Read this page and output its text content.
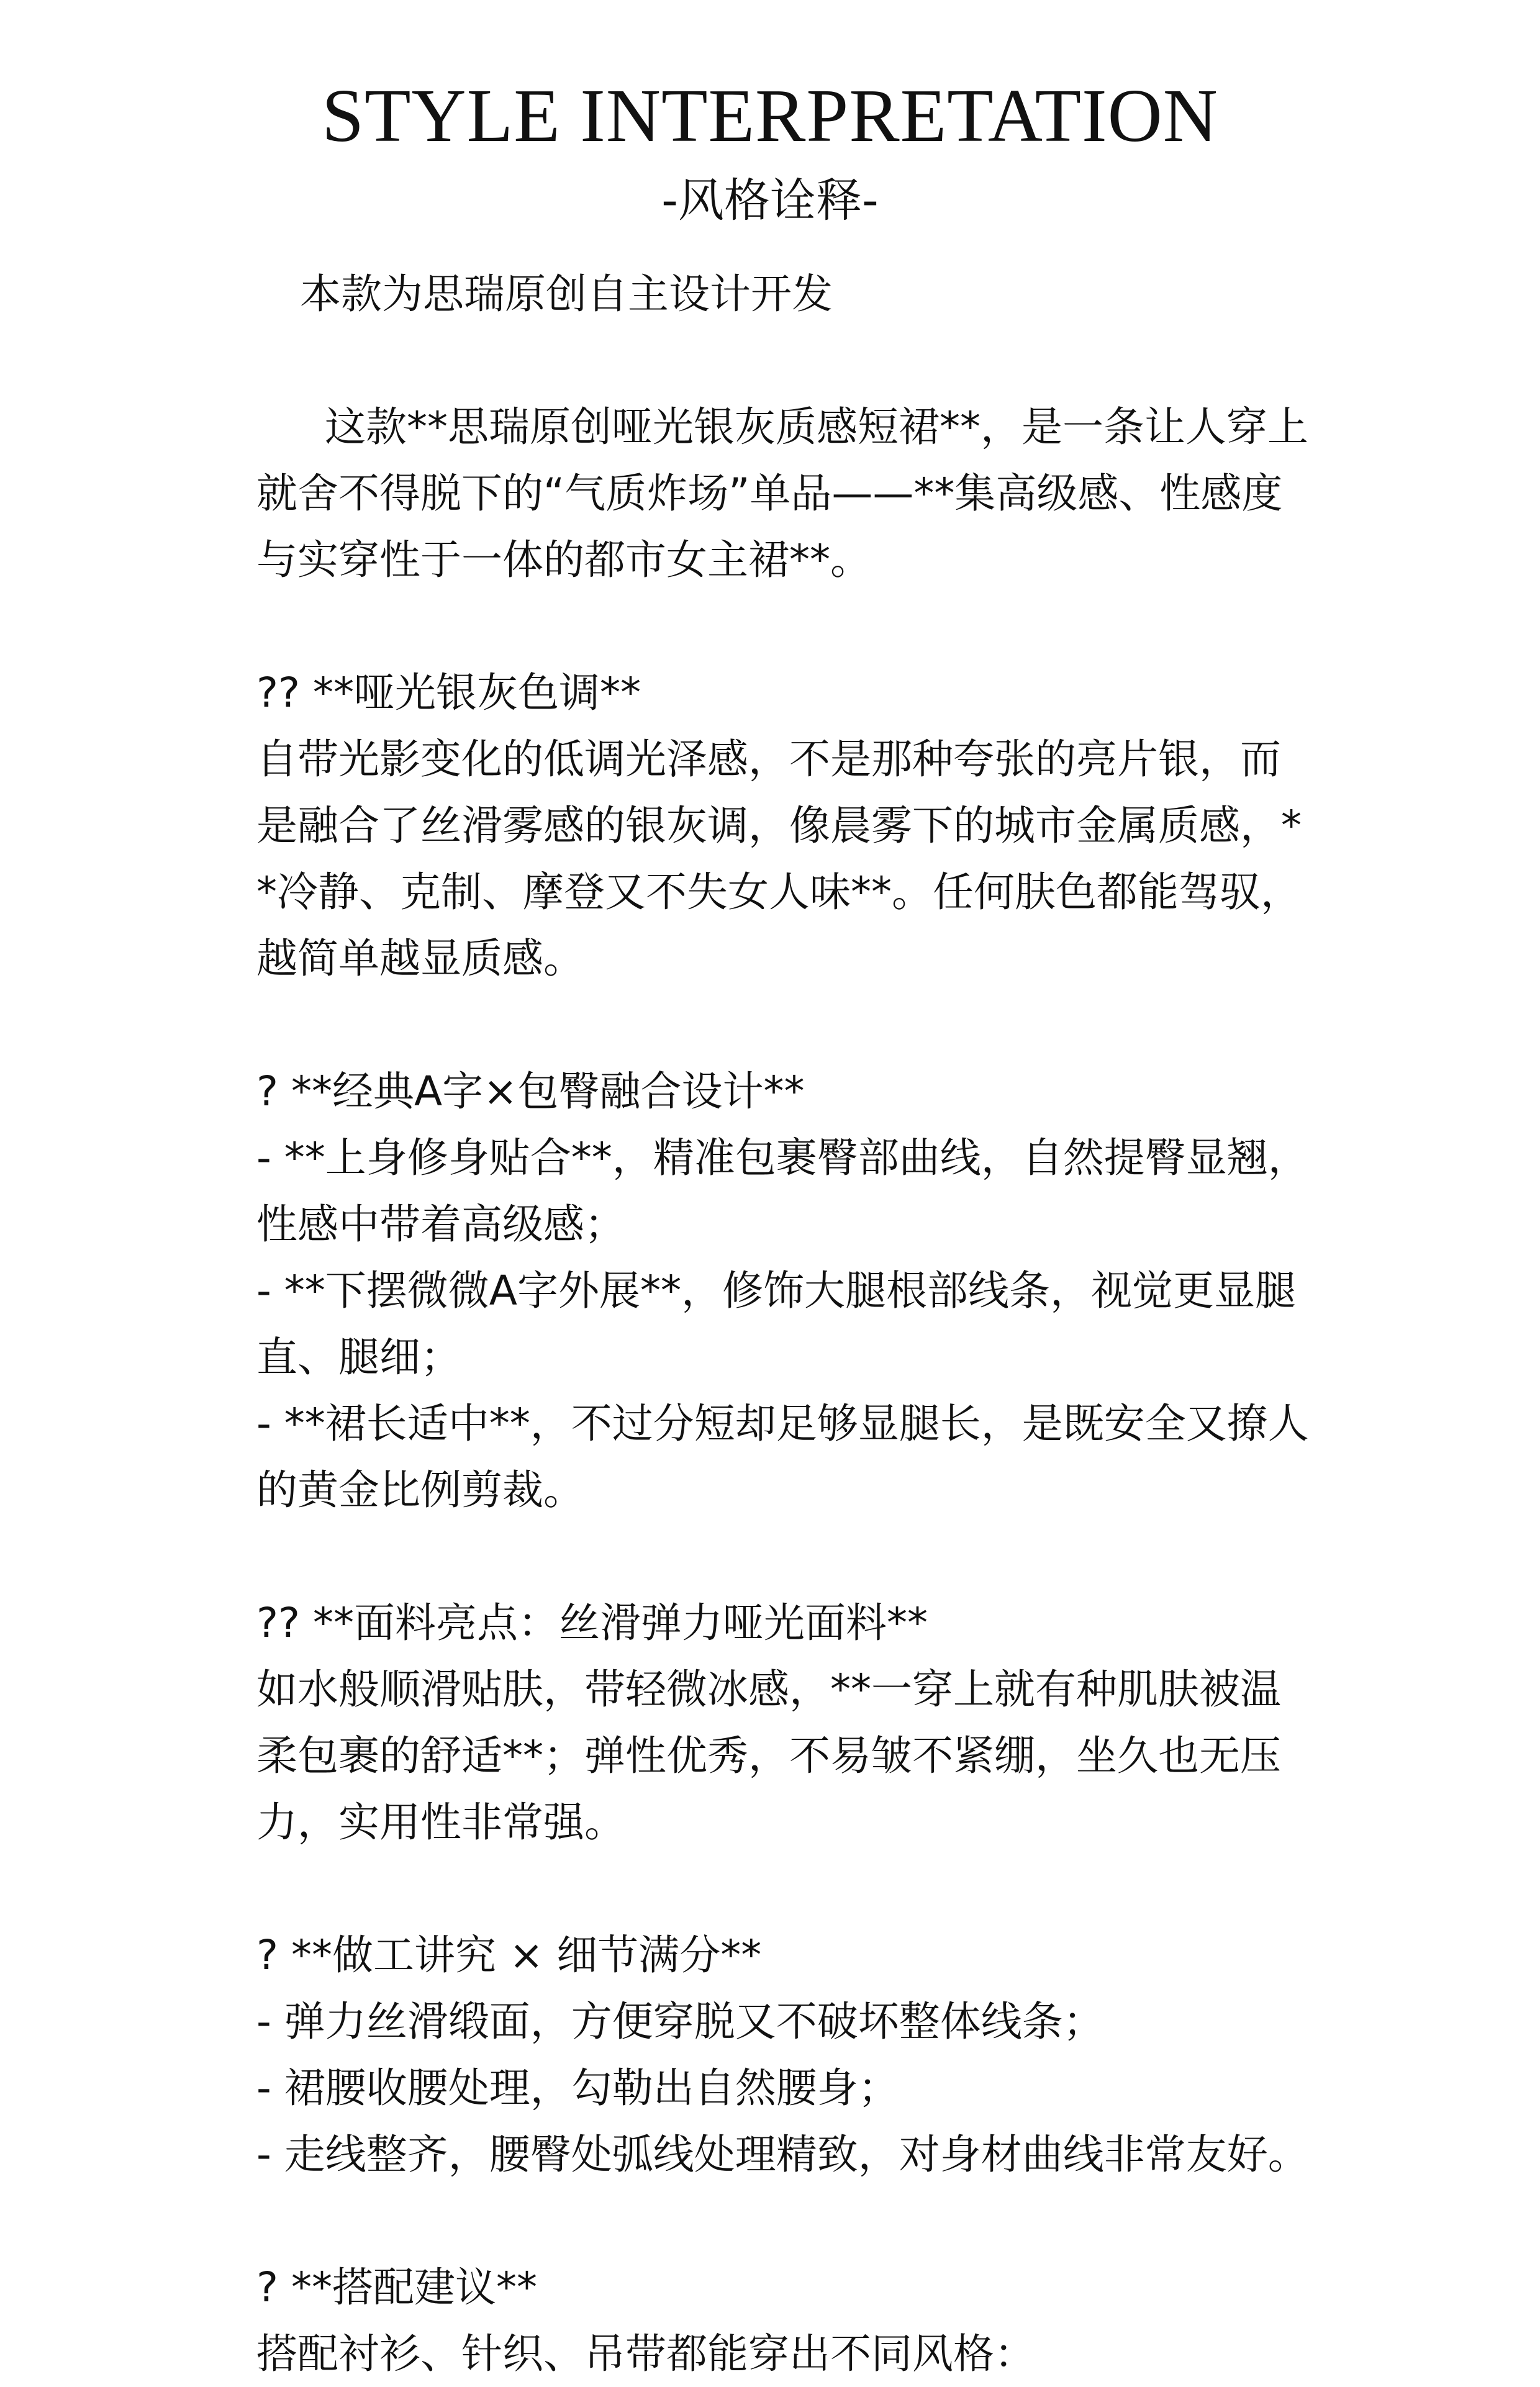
STYLE INTERPRETATION
-风格诠释-
本款为思瑞原创自主设计开发
这款**思瑞原创哑光银灰质感短裙**，是一条让人穿上
就舍不得脱下的“气质炸场”单品——**集高级感、性感度
与实穿性于一体的都市女主裙**。
?? **哑光银灰色调**
自带光影变化的低调光泽感，不是那种夸张的亮片银，而
是融合了丝滑雾感的银灰调，像晨雾下的城市金属质感，*
*冷静、克制、摩登又不失女人味**。任何肤色都能驾驭，
越简单越显质感。
? **经典A字×包臀融合设计**
- **上身修身贴合**，精准包裹臀部曲线，自然提臀显翘，
性感中带着高级感；
- **下摆微微A字外展**，修饰大腿根部线条，视觉更显腿
直、腿细；
- **裙长适中**，不过分短却足够显腿长，是既安全又撩人
的黄金比例剪裁。
?? **面料亮点：丝滑弹力哑光面料**
如水般顺滑贴肤，带轻微冰感，**一穿上就有种肌肤被温
柔包裹的舒适**；弹性优秀，不易皱不紧绷，坐久也无压
力，实用性非常强。
? **做工讲究 × 细节满分**
- 弹力丝滑缎面，方便穿脱又不破坏整体线条；
- 裙腰收腰处理，勾勒出自然腰身；
- 走线整齐，腰臀处弧线处理精致，对身材曲线非常友好。
? **搭配建议**
搭配衬衫、针织、吊带都能穿出不同风格：
